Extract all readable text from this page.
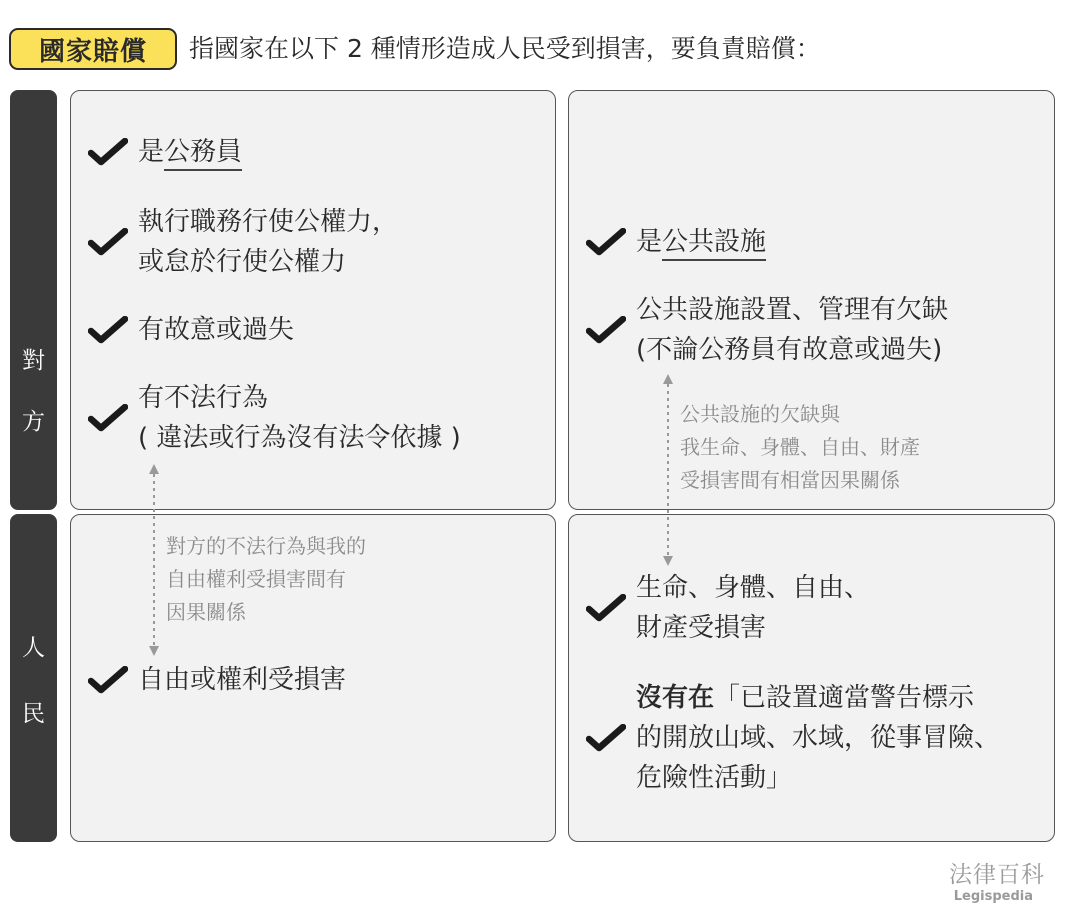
國家賠償	指國家在以下 2 種情形造成人民受到損害，要負責賠償：
對
方
人
民
是公務員
執行職務行使公權力，
或怠於行使公權力
有故意或過失
有不法行為
( 違法或行為沒有法令依據 )
對方的不法行為與我的
自由權利受損害間有
因果關係
自由或權利受損害
是公共設施
公共設施設置、管理有欠缺
(不論公務員有故意或過失)
公共設施的欠缺與
我生命、身體、自由、財產
受損害間有相當因果關係
生命、身體、自由、
財產受損害
沒有在「已設置適當警告標示
的開放山域、水域，從事冒險、
危險性活動」
法律百科
Legispedia
